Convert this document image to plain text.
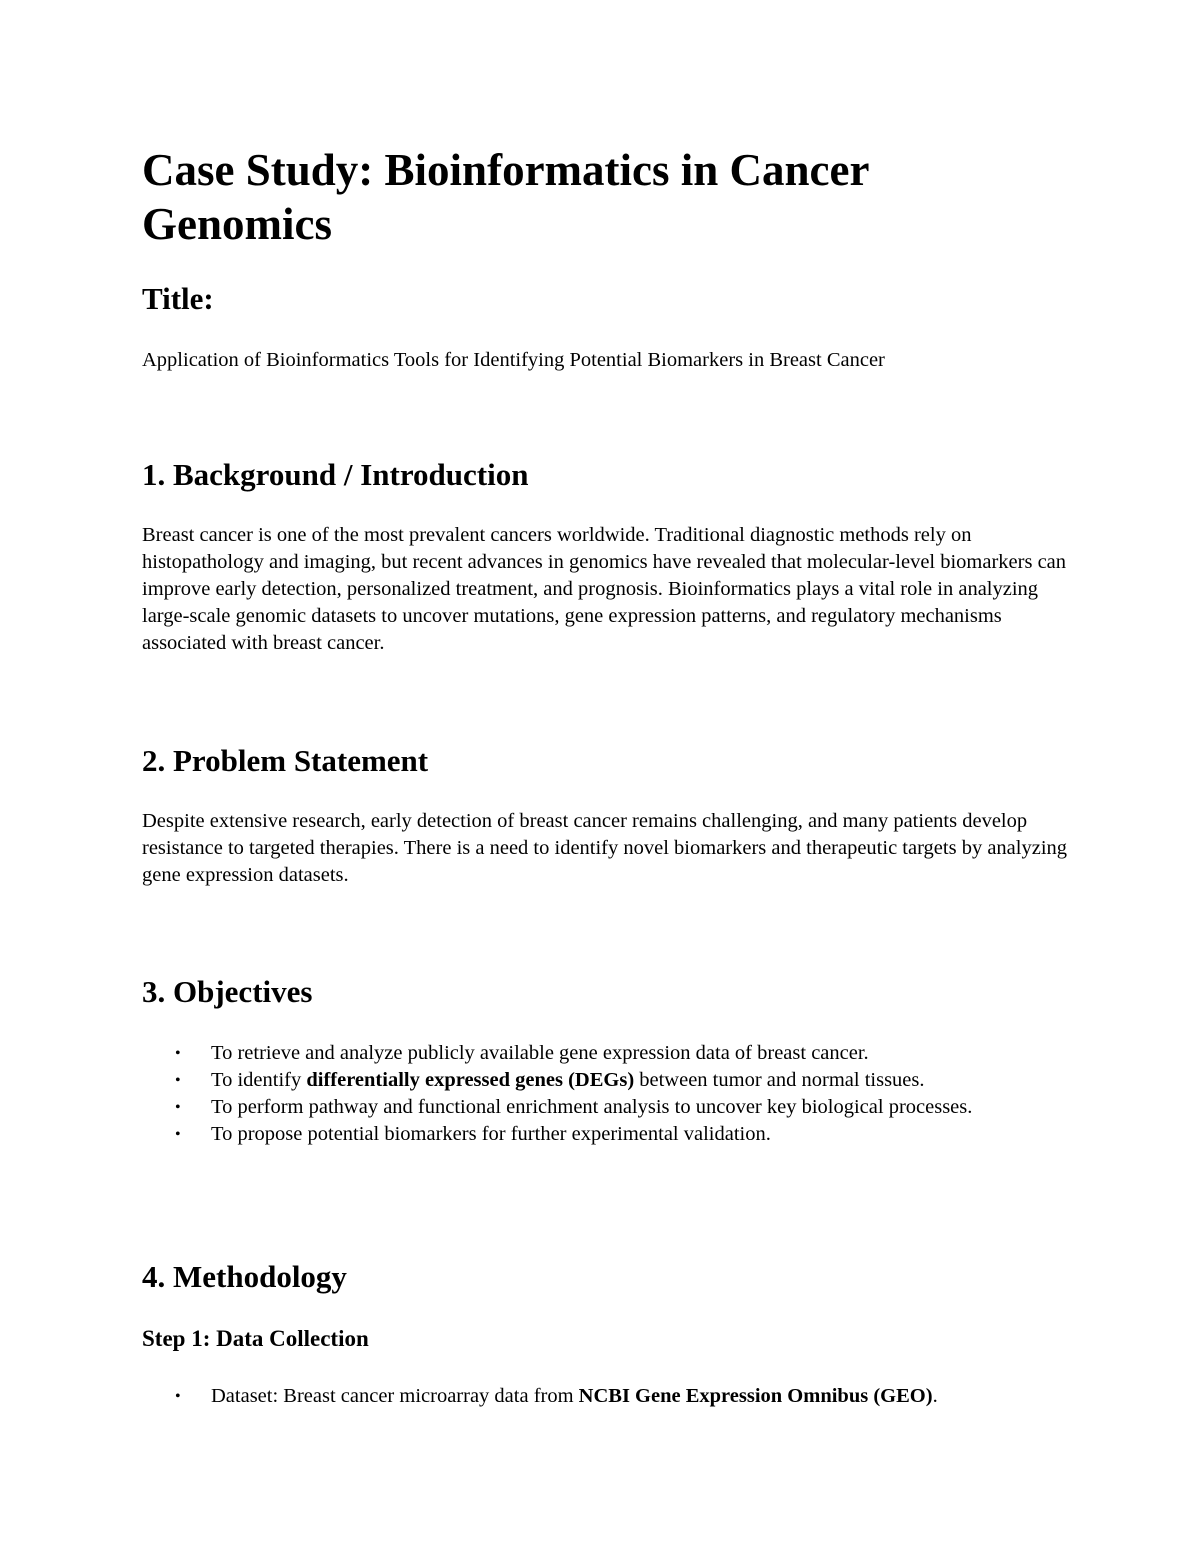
Case Study: Bioinformatics in Cancer Genomics
Title:

Application of Bioinformatics Tools for Identifying Potential Biomarkers in Breast Cancer

1. Background / Introduction

Breast cancer is one of the most prevalent cancers worldwide. Traditional diagnostic methods rely on histopathology and imaging, but recent advances in genomics have revealed that molecular-level biomarkers can improve early detection, personalized treatment, and prognosis. Bioinformatics plays a vital role in analyzing large-scale genomic datasets to uncover mutations, gene expression patterns, and regulatory mechanisms associated with breast cancer.

2. Problem Statement

Despite extensive research, early detection of breast cancer remains challenging, and many patients develop resistance to targeted therapies. There is a need to identify novel biomarkers and therapeutic targets by analyzing gene expression datasets.

3. Objectives
• To retrieve and analyze publicly available gene expression data of breast cancer.
• To identify differentially expressed genes (DEGs) between tumor and normal tissues.
• To perform pathway and functional enrichment analysis to uncover key biological processes.
• To propose potential biomarkers for further experimental validation.
4. Methodology
Step 1: Data Collection
• Dataset: Breast cancer microarray data from NCBI Gene Expression Omnibus (GEO).
